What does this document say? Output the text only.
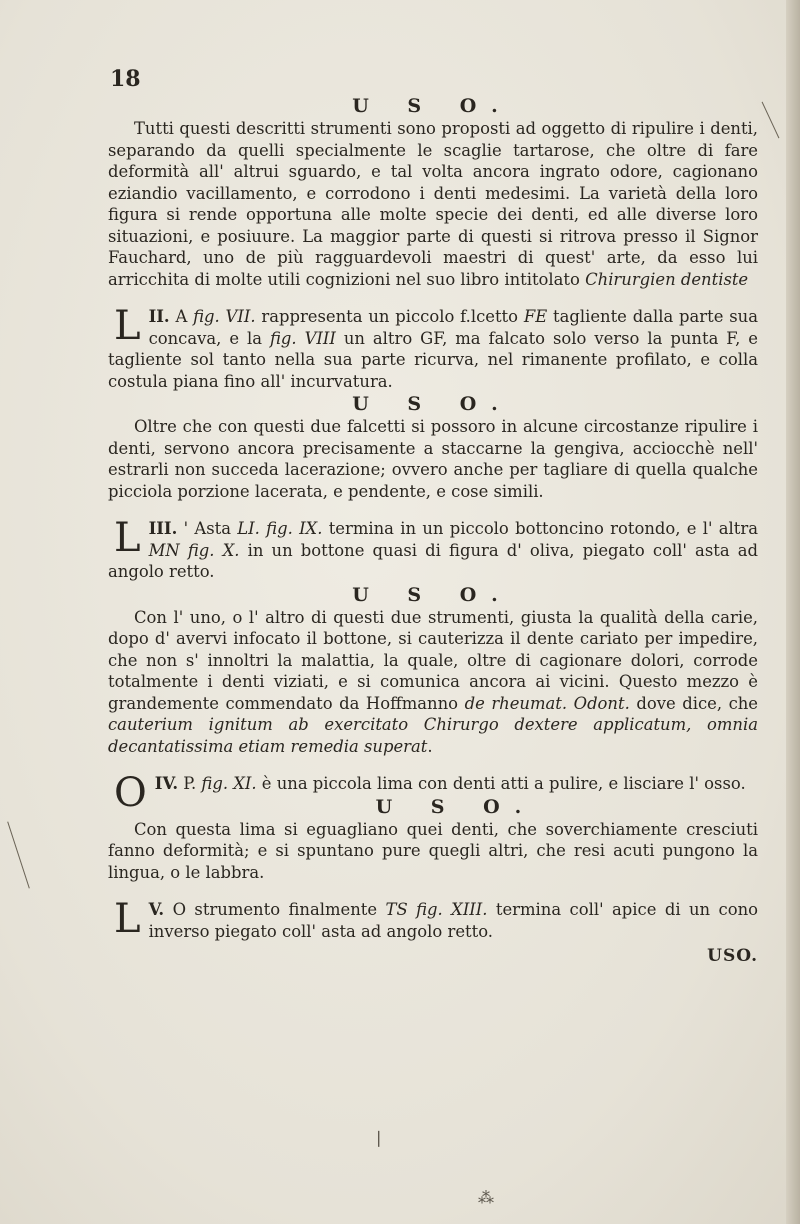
18
U S O.

Tutti questi descritti strumenti sono proposti ad oggetto di ripulire i denti, separando da quelli specialmente le scaglie tartarose, che oltre di fare deformità all' altrui sguardo, e tal volta ancora ingrato odore, cagionano eziandio vacillamento, e corrodono i denti medesimi. La varietà della loro figura si rende opportuna alle molte specie dei denti, ed alle diverse loro situazioni, e posiuure. La maggior parte di questi si ritrova presso il Signor Fauchard, uno de più ragguardevoli maestri di quest' arte, da esso lui arricchita di molte utili cognizioni nel suo libro intitolato Chirurgien dentiste

II.
L A fig. VII. rappresenta un piccolo f.lcetto FE tagliente dalla parte sua concava, e la fig. VIII un altro GF, ma falcato solo verso la punta F, e tagliente sol tanto nella sua parte ricurva, nel rimanente profilato, e colla costula piana fino all' incurvatura.

U S O.

Oltre che con questi due falcetti si possoro in alcune circostanze ripulire i denti, servono ancora precisamente a staccarne la gengiva, acciocchè nell' estrarli non succeda lacerazione; ovvero anche per tagliare di quella qualche picciola porzione lacerata, e pendente, e cose simili.

III.
L	' Asta LI. fig. IX. termina in un piccolo bottoncino rotondo, e l' altra MN fig. X. in un bottone quasi di figura d' oliva, piegato coll' asta ad angolo retto.

U S O.

Con l' uno, o l' altro di questi due strumenti, giusta la qualità della carie, dopo d' avervi infocato il bottone, si cauterizza il dente cariato per impedire, che non s' innoltri la malattia, la quale, oltre di cagionare dolori, corrode totalmente i denti viziati, e si comunica ancora ai vicini. Questo mezzo è grandemente commendato da Hoffmanno de rheumat. Odont. dove dice, che cauterium ignitum ab exercitato Chirurgo dextere applicatum, omnia decantatissima etiam remedia superat.

IV.
O P. fig. XI. è una piccola lima con denti atti a pulire, e lisciare l' osso.

U S O.

Con questa lima si eguagliano quei denti, che soverchiamente cresciuti fanno deformità; e si spuntano pure quegli altri, che resi acuti pungono la lingua, o le labbra.

V.
L O strumento finalmente TS fig. XIII. termina coll' apice di un cono inverso piegato coll' asta ad angolo retto.

USO.
❘
⁂
